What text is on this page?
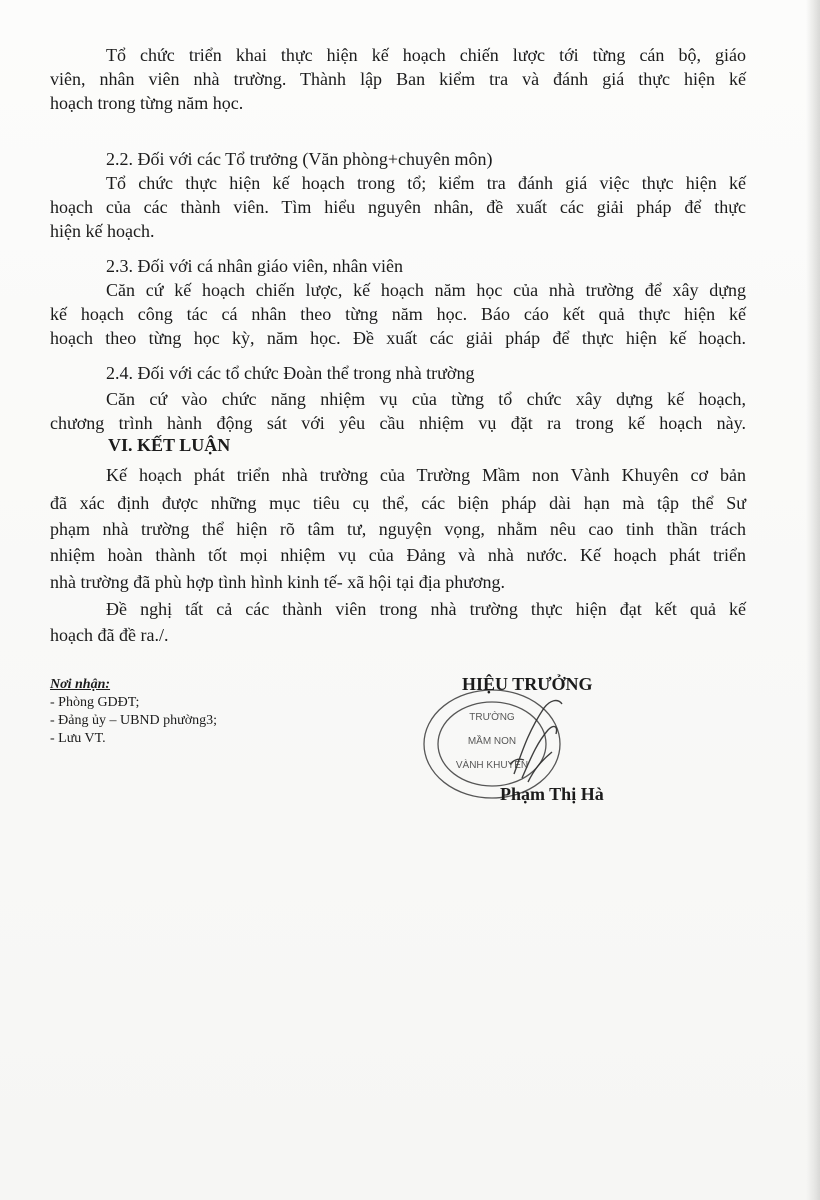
Tổ chức triển khai thực hiện kế hoạch chiến lược tới từng cán bộ, giáo
viên, nhân viên nhà trường. Thành lập Ban kiểm tra và đánh giá thực hiện kế
hoạch trong từng năm học.
2.2. Đối với các Tổ trưởng (Văn phòng+chuyên môn)
Tổ chức thực hiện kế hoạch trong tổ; kiểm tra đánh giá việc thực hiện kế
hoạch của các thành viên. Tìm hiểu nguyên nhân, đề xuất các giải pháp để thực
hiện kế hoạch.
2.3. Đối với cá nhân giáo viên, nhân viên
Căn cứ kế hoạch chiến lược, kế hoạch năm học của nhà trường để xây dựng
kế hoạch công tác cá nhân theo từng năm học. Báo cáo kết quả thực hiện kế
hoạch theo từng học kỳ, năm học. Đề xuất các giải pháp để thực hiện kế hoạch.
2.4. Đối với các tổ chức Đoàn thể trong nhà trường
Căn cứ vào chức năng nhiệm vụ của từng tổ chức xây dựng kế hoạch,
chương trình hành động sát với yêu cầu nhiệm vụ đặt ra trong kế hoạch này.
VI. KẾT LUẬN
Kế hoạch phát triển nhà trường của Trường Mầm non Vành Khuyên cơ bản
đã xác định được những mục tiêu cụ thể, các biện pháp dài hạn mà tập thể Sư
phạm nhà trường thể hiện rõ tâm tư, nguyện vọng, nhằm nêu cao tinh thần trách
nhiệm hoàn thành tốt mọi nhiệm vụ của Đảng và nhà nước. Kế hoạch phát triển
nhà trường đã phù hợp tình hình kinh tế- xã hội tại địa phương.
Đề nghị tất cả các thành viên trong nhà trường thực hiện đạt kết quả kế
hoạch đã đề ra./.
Nơi nhận:
- Phòng GDĐT;
- Đảng ủy – UBND phường3;
- Lưu VT.
TRƯỜNG
MẦM NON
VÀNH KHUYÊN
HIỆU TRƯỞNG
Phạm Thị Hà
